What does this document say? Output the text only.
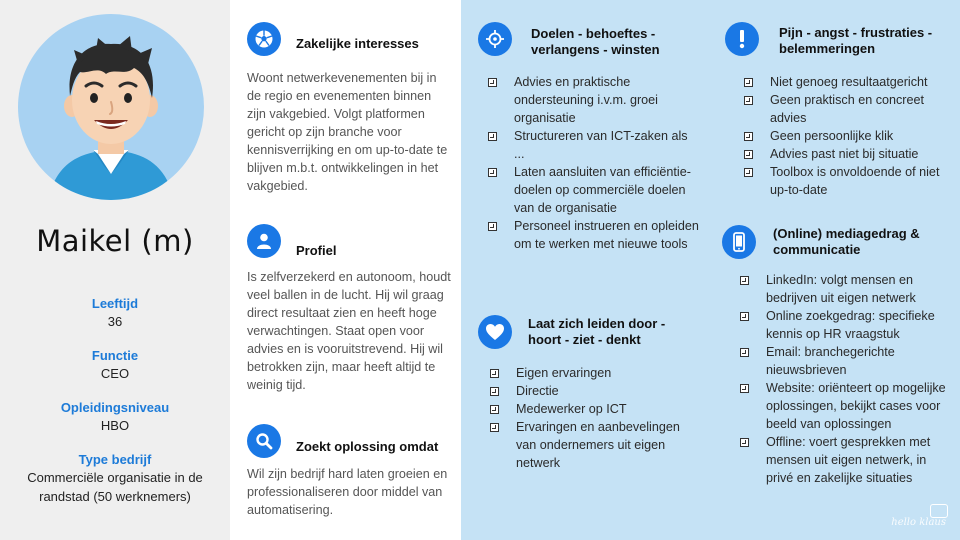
Maikel (m)
Leeftijd
36
Functie
CEO
Opleidingsniveau
HBO
Type bedrijf
Commerciële organisatie in de randstad (50 werknemers)
Zakelijke interesses
Woont netwerkevenementen bij in de regio en evenementen binnen zijn vakgebied. Volgt platformen gericht op zijn branche voor kennisverrijking en om up-to-date te blijven m.b.t. ontwikkelingen in het vakgebied.
Profiel
Is zelfverzekerd en autonoom, houdt veel ballen in de lucht. Hij wil graag direct resultaat zien en heeft hoge verwachtingen. Staat open voor advies en is vooruitstrevend. Hij wil betrokken zijn, maar heeft altijd te weinig tijd.
Zoekt oplossing omdat
Wil zijn bedrijf hard laten groeien en professionaliseren door middel van automatisering.
Doelen - behoeftes - verlangens - winsten
Advies en praktische ondersteuning i.v.m. groei organisatie
Structureren van ICT-zaken als ...
Laten aansluiten van efficiëntie-doelen op commerciële doelen van de organisatie
Personeel instrueren en opleiden om te werken met nieuwe tools
Laat zich leiden door - hoort - ziet - denkt
Eigen ervaringen
Directie
Medewerker op ICT
Ervaringen en aanbevelingen van ondernemers uit eigen netwerk
Pijn - angst - frustraties - belemmeringen
Niet genoeg resultaatgericht
Geen praktisch en concreet advies
Geen persoonlijke klik
Advies past niet bij situatie
Toolbox is onvoldoende of niet up-to-date
(Online) mediagedrag & communicatie
LinkedIn: volgt mensen en bedrijven uit eigen netwerk
Online zoekgedrag: specifieke kennis op HR vraagstuk
Email: branchegerichte nieuwsbrieven
Website: oriënteert op mogelijke oplossingen, bekijkt cases voor beeld van oplossingen
Offline: voert gesprekken met mensen uit eigen netwerk, in privé en zakelijke situaties
hello klaus
